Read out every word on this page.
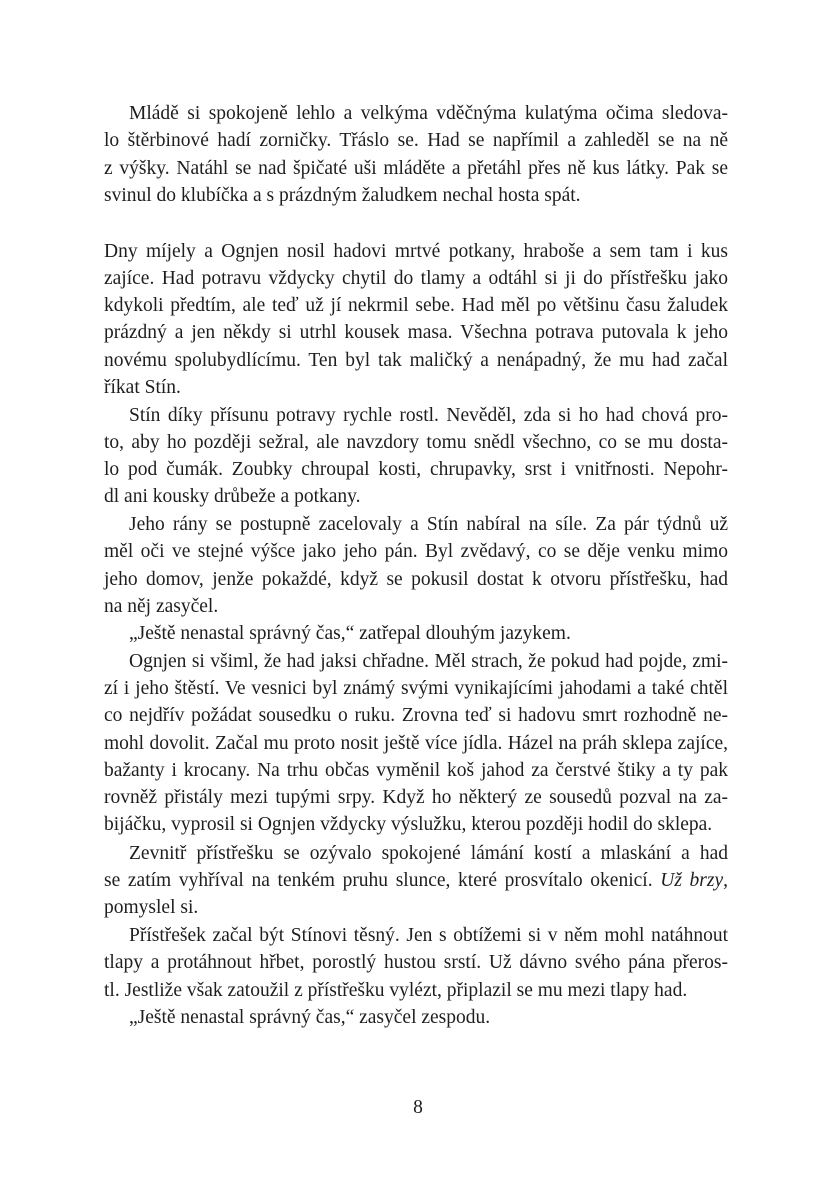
Mládě si spokojeně lehlo a velkýma vděčnýma kulatýma očima sledova-
lo štěrbinové hadí zorničky. Třáslo se. Had se napřímil a zahleděl se na ně
z výšky. Natáhl se nad špičaté uši mláděte a přetáhl přes ně kus látky. Pak se
svinul do klubíčka a s prázdným žaludkem nechal hosta spát.
Dny míjely a Ognjen nosil hadovi mrtvé potkany, hraboše a sem tam i kus
zajíce. Had potravu vždycky chytil do tlamy a odtáhl si ji do přístřešku jako
kdykoli předtím, ale teď už jí nekrmil sebe. Had měl po většinu času žaludek
prázdný a jen někdy si utrhl kousek masa. Všechna potrava putovala k jeho
novému spolubydlícímu. Ten byl tak maličký a nenápadný, že mu had začal
říkat Stín.
Stín díky přísunu potravy rychle rostl. Nevěděl, zda si ho had chová pro-
to, aby ho později sežral, ale navzdory tomu snědl všechno, co se mu dosta-
lo pod čumák. Zoubky chroupal kosti, chrupavky, srst i vnitřnosti. Nepohr-
dl ani kousky drůbeže a potkany.
Jeho rány se postupně zacelovaly a Stín nabíral na síle. Za pár týdnů už
měl oči ve stejné výšce jako jeho pán. Byl zvědavý, co se děje venku mimo
jeho domov, jenže pokaždé, když se pokusil dostat k otvoru přístřešku, had
na něj zasyčel.
„Ještě nenastal správný čas,“ zatřepal dlouhým jazykem.
Ognjen si všiml, že had jaksi chřadne. Měl strach, že pokud had pojde, zmi-
zí i jeho štěstí. Ve vesnici byl známý svými vynikajícími jahodami a také chtěl
co nejdřív požádat sousedku o ruku. Zrovna teď si hadovu smrt rozhodně ne-
mohl dovolit. Začal mu proto nosit ještě více jídla. Házel na práh sklepa zajíce,
bažanty i krocany. Na trhu občas vyměnil koš jahod za čerstvé štiky a ty pak
rovněž přistály mezi tupými srpy. Když ho některý ze sousedů pozval na za-
bijáčku, vyprosil si Ognjen vždycky výslužku, kterou později hodil do sklepa.
Zevnitř přístřešku se ozývalo spokojené lámání kostí a mlaskání a had
se zatím vyhříval na tenkém pruhu slunce, které prosvítalo okenicí. Už brzy,
pomyslel si.
Přístřešek začal být Stínovi těsný. Jen s obtížemi si v něm mohl natáhnout
tlapy a protáhnout hřbet, porostlý hustou srstí. Už dávno svého pána přeros-
tl. Jestliže však zatoužil z přístřešku vylézt, připlazil se mu mezi tlapy had.
„Ještě nenastal správný čas,“ zasyčel zespodu.
8
